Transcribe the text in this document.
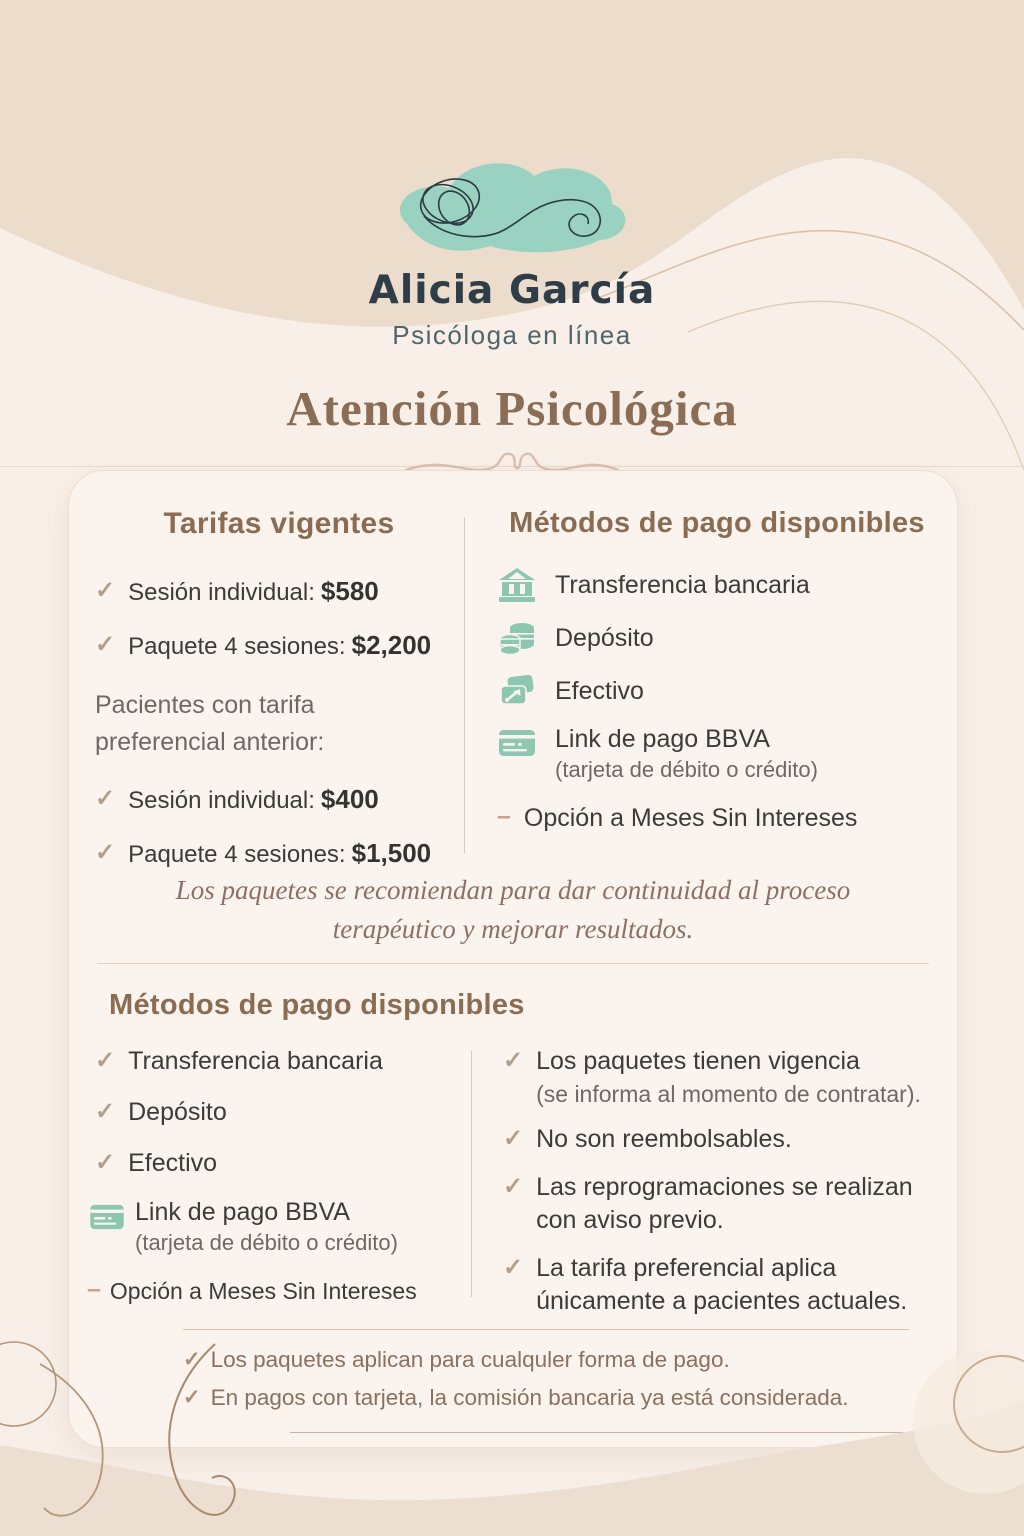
Alicia García
Psicóloga en línea
Atención Psicológica
Tarifas vigentes
✓ Sesión individual: $580
✓ Paquete 4 sesiones: $2,200
Pacientes con tarifa preferencial anterior:
✓ Sesión individual: $400
✓ Paquete 4 sesiones: $1,500
Métodos de pago disponibles
Transferencia bancaria
Depósito
Efectivo
Link de pago BBVA
(tarjeta de débito o crédito)
– Opción a Meses Sin Intereses
Los paquetes se recomiendan para dar continuidad al proceso terapéutico y mejorar resultados.
Métodos de pago disponibles
✓ Transferencia bancaria
✓ Depósito
✓ Efectivo
Link de pago BBVA
(tarjeta de débito o crédito)
– Opción a Meses Sin Intereses
✓ Los paquetes tienen vigencia
(se informa al momento de contratar).
✓ No son reembolsables.
✓ Las reprogramaciones se realizan con aviso previo.
✓ La tarifa preferencial aplica únicamente a pacientes actuales.
✓ Los paquetes aplican para cualquler forma de pago.
✓ En pagos con tarjeta, la comisión bancaria ya está considerada.
